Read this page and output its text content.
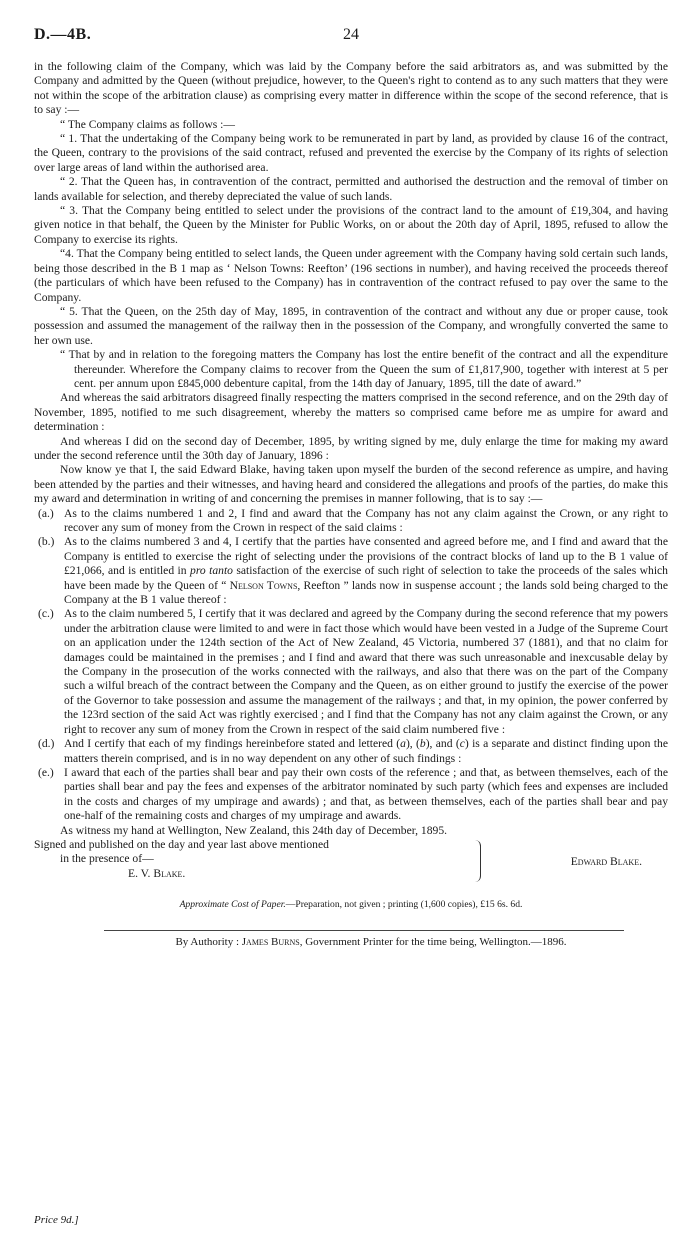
D.—4B.	24

in the following claim of the Company, which was laid by the Company before the said arbitrators as, and was submitted by the Company and admitted by the Queen (without prejudice, however, to the Queen's right to contend as to any such matters that they were not within the scope of the arbitration clause) as comprising every matter in difference within the scope of the second reference, that is to say :—

“ The Company claims as follows :—

“ 1. That the undertaking of the Company being work to be remunerated in part by land, as provided by clause 16 of the contract, the Queen, contrary to the provisions of the said contract, refused and prevented the exercise by the Company of its rights of selection over large areas of land within the authorised area.

“ 2. That the Queen has, in contravention of the contract, permitted and authorised the destruction and the removal of timber on lands available for selection, and thereby depreciated the value of such lands.

“ 3. That the Company being entitled to select under the provisions of the contract land to the amount of £19,304, and having given notice in that behalf, the Queen by the Minister for Public Works, on or about the 20th day of April, 1895, refused to allow the Company to exercise its rights.

“4. That the Company being entitled to select lands, the Queen under agreement with the Company having sold certain such lands, being those described in the B 1 map as ‘ Nelson Towns: Reefton’ (196 sections in number), and having received the proceeds thereof (the particulars of which have been refused to the Company) has in contravention of the contract refused to pay over the same to the Company.

“ 5. That the Queen, on the 25th day of May, 1895, in contravention of the contract and without any due or proper cause, took possession and assumed the management of the railway then in the possession of the Company, and wrongfully converted the same to her own use.

“ That by and in relation to the foregoing matters the Company has lost the entire benefit of the contract and all the expenditure thereunder. Wherefore the Company claims to recover from the Queen the sum of £1,817,900, together with interest at 5 per cent. per annum upon £845,000 debenture capital, from the 14th day of January, 1895, till the date of award.”

And whereas the said arbitrators disagreed finally respecting the matters comprised in the second reference, and on the 29th day of November, 1895, notified to me such disagreement, whereby the matters so comprised came before me as umpire for award and determination :

And whereas I did on the second day of December, 1895, by writing signed by me, duly enlarge the time for making my award under the second reference until the 30th day of January, 1896 :

Now know ye that I, the said Edward Blake, having taken upon myself the burden of the second reference as umpire, and having been attended by the parties and their witnesses, and having heard and considered the allegations and proofs of the parties, do make this my award and determination in writing of and concerning the premises in manner following, that is to say :—

(a.) As to the claims numbered 1 and 2, I find and award that the Company has not any claim against the Crown, or any right to recover any sum of money from the Crown in respect of the said claims :
(b.) As to the claims numbered 3 and 4, I certify that the parties have consented and agreed before me, and I find and award that the Company is entitled to exercise the right of selecting under the provisions of the contract blocks of land up to the B 1 value of £21,066, and is entitled in pro tanto satisfaction of the exercise of such right of selection to take the proceeds of the sales which have been made by the Queen of “ Nelson Towns, Reefton ” lands now in suspense account ; the lands sold being charged to the Company at the B 1 value thereof :
(c.) As to the claim numbered 5, I certify that it was declared and agreed by the Company during the second reference that my powers under the arbitration clause were limited to and were in fact those which would have been vested in a Judge of the Supreme Court on an application under the 124th section of the Act of New Zealand, 45 Victoria, numbered 37 (1881), and that no claim for damages could be maintained in the premises ; and I find and award that there was such unreasonable and inexcusable delay by the Company in the prosecution of the works connected with the railways, and also that there was on the part of the Company such a wilful breach of the contract between the Company and the Queen, as on either ground to justify the exercise of the power of the Governor to take possession and assume the management of the railways ; and that, in my opinion, the power conferred by the 123rd section of the said Act was rightly exercised ; and I find that the Company has not any claim against the Crown, or any right to recover any sum of money from the Crown in respect of the said claim numbered five :
(d.) And I certify that each of my findings hereinbefore stated and lettered (a), (b), and (c) is a separate and distinct finding upon the matters therein comprised, and is in no way dependent on any other of such findings :
(e.) I award that each of the parties shall bear and pay their own costs of the reference ; and that, as between themselves, each of the parties shall bear and pay the fees and expenses of the arbitrator nominated by such party (which fees and expenses are included in the costs and charges of my umpirage and awards) ; and that, as between themselves, each of the parties shall bear and pay one-half of the remaining costs and charges of my umpirage and awards.

As witness my hand at Wellington, New Zealand, this 24th day of December, 1895.

Signed and published on the day and year last above mentioned
in the presence of—
E. V. Blake.
Edward Blake.
Approximate Cost of Paper.—Preparation, not given ; printing (1,600 copies), £15 6s. 6d.
By Authority : James Burns, Government Printer for the time being, Wellington.—1896.
Price 9d.]
